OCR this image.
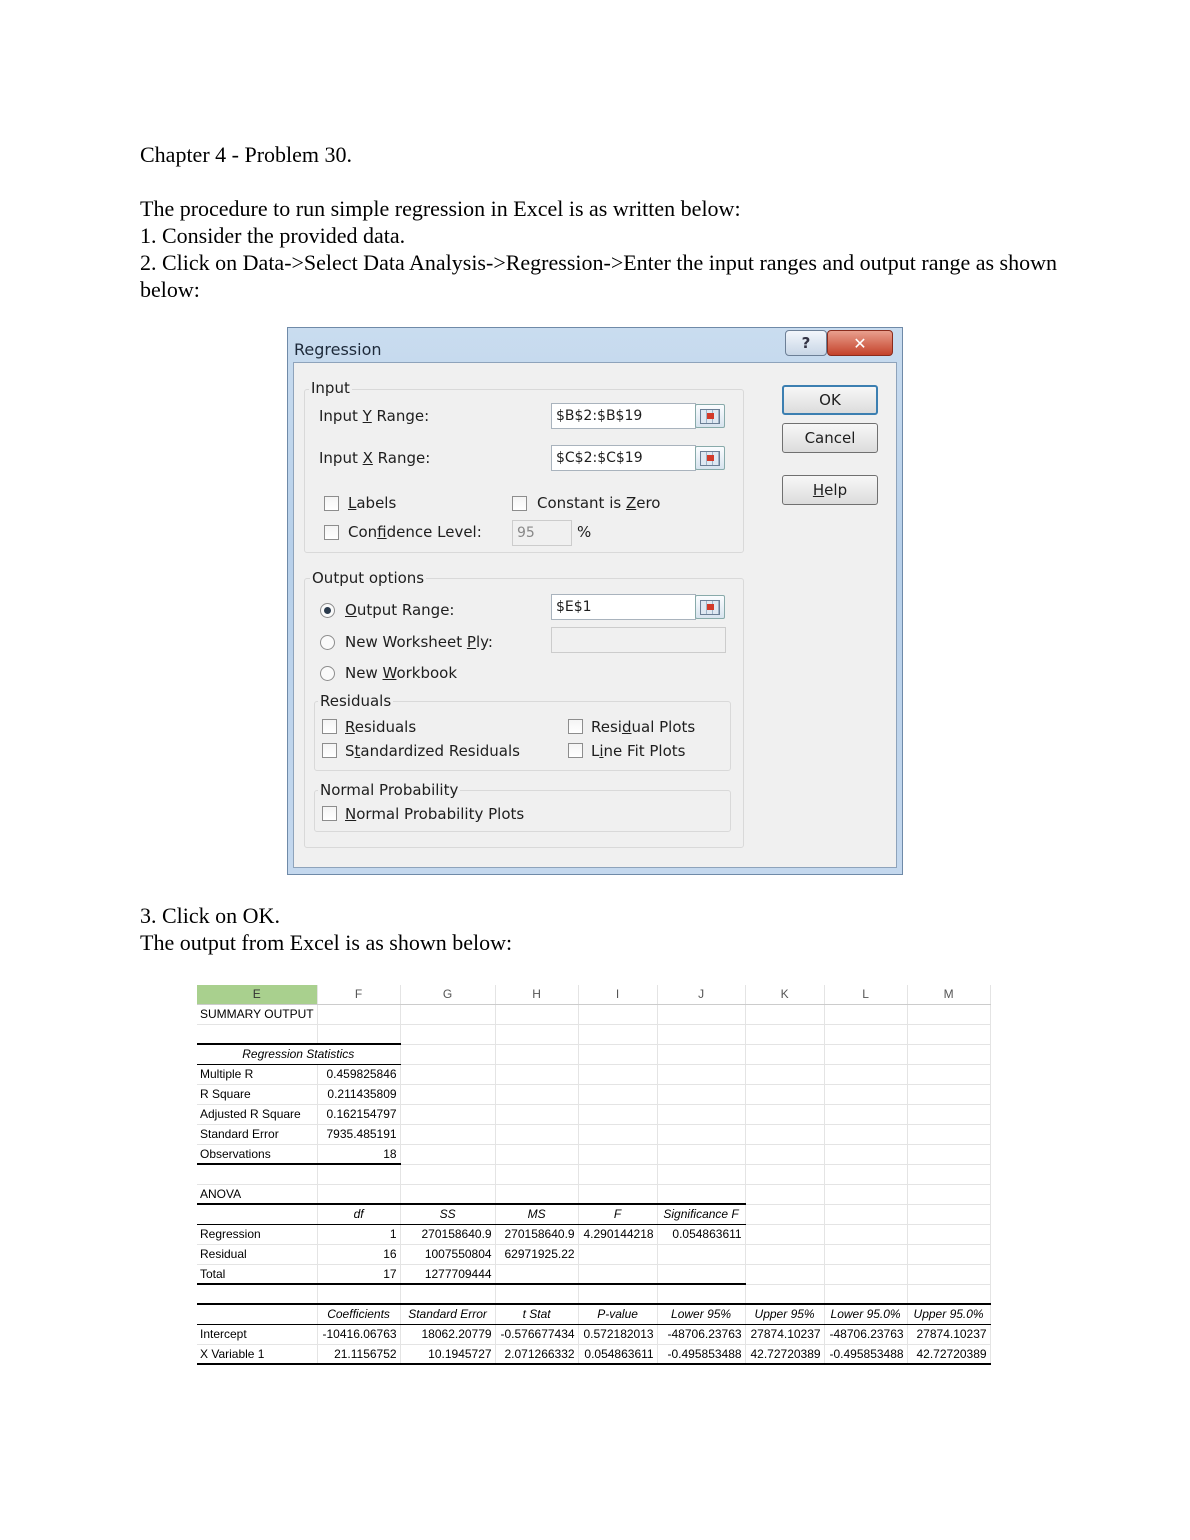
Chapter 4 - Problem 30.
The procedure to run simple regression in Excel is as written below:
1. Consider the provided data.
2. Click on Data->Select Data Analysis->Regression->Enter the input ranges and output range as shown below:
Regression	?	✕
Input
Input Y Range:	$B$2:$B$19
Input X Range:	$C$2:$C$19
Labels	Constant is Zero
Confidence Level:	95	%
Output options
Output Range:	$E$1
New Worksheet Ply:
New Workbook
Residuals
Residuals	Residual Plots
Standardized Residuals	Line Fit Plots
Normal Probability
Normal Probability Plots
OK
Cancel
H elp
3. Click on OK.
The output from Excel is as shown below:
E	F	G	H	I	J	K	L	M
SUMMARY OUTPUT								

Regression Statistics								
Multiple R	0.459825846							
R Square	0.211435809							
Adjusted R Square	0.162154797							
Standard Error	7935.485191							
Observations	18							

ANOVA								
	df	SS	MS	F	Significance F			
Regression	1	270158640.9	270158640.9	4.290144218	0.054863611			
Residual	16	1007550804	62971925.22					
Total	17	1277709444						

	Coefficients	Standard Error	t Stat	P-value	Lower 95%	Upper 95%	Lower 95.0%	Upper 95.0%
Intercept	-10416.06763	18062.20779	-0.576677434	0.572182013	-48706.23763	27874.10237	-48706.23763	27874.10237
X Variable 1	21.1156752	10.1945727	2.071266332	0.054863611	-0.495853488	42.72720389	-0.495853488	42.72720389
